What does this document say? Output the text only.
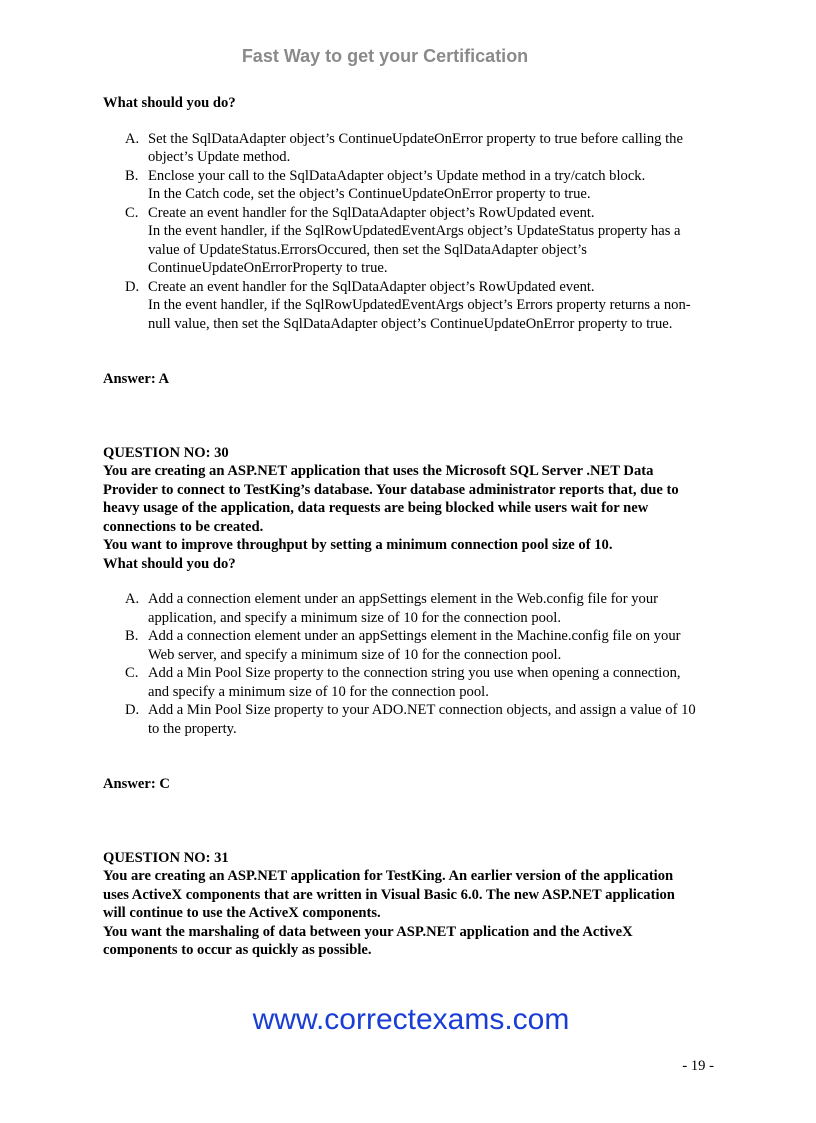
Fast Way to get your Certification
What should you do?
A. Set the SqlDataAdapter object’s ContinueUpdateOnError property to true before calling the
object’s Update method.
B. Enclose your call to the SqlDataAdapter object’s Update method in a try/catch block.
In the Catch code, set the object’s ContinueUpdateOnError property to true.
C. Create an event handler for the SqlDataAdapter object’s RowUpdated event.
In the event handler, if the SqlRowUpdatedEventArgs object’s UpdateStatus property has a
value of UpdateStatus.ErrorsOccured, then set the SqlDataAdapter object’s
ContinueUpdateOnErrorProperty to true.
D. Create an event handler for the SqlDataAdapter object’s RowUpdated event.
In the event handler, if the SqlRowUpdatedEventArgs object’s Errors property returns a non-
null value, then set the SqlDataAdapter object’s ContinueUpdateOnError property to true.
Answer: A
QUESTION NO: 30
You are creating an ASP.NET application that uses the Microsoft SQL Server .NET Data
Provider to connect to TestKing’s database. Your database administrator reports that, due to
heavy usage of the application, data requests are being blocked while users wait for new
connections to be created.
You want to improve throughput by setting a minimum connection pool size of 10.
What should you do?
A. Add a connection element under an appSettings element in the Web.config file for your
application, and specify a minimum size of 10 for the connection pool.
B. Add a connection element under an appSettings element in the Machine.config file on your
Web server, and specify a minimum size of 10 for the connection pool.
C. Add a Min Pool Size property to the connection string you use when opening a connection,
and specify a minimum size of 10 for the connection pool.
D. Add a Min Pool Size property to your ADO.NET connection objects, and assign a value of 10
to the property.
Answer: C
QUESTION NO: 31
You are creating an ASP.NET application for TestKing. An earlier version of the application
uses ActiveX components that are written in Visual Basic 6.0. The new ASP.NET application
will continue to use the ActiveX components.
You want the marshaling of data between your ASP.NET application and the ActiveX
components to occur as quickly as possible.
www.correctexams.com
- 19 -
